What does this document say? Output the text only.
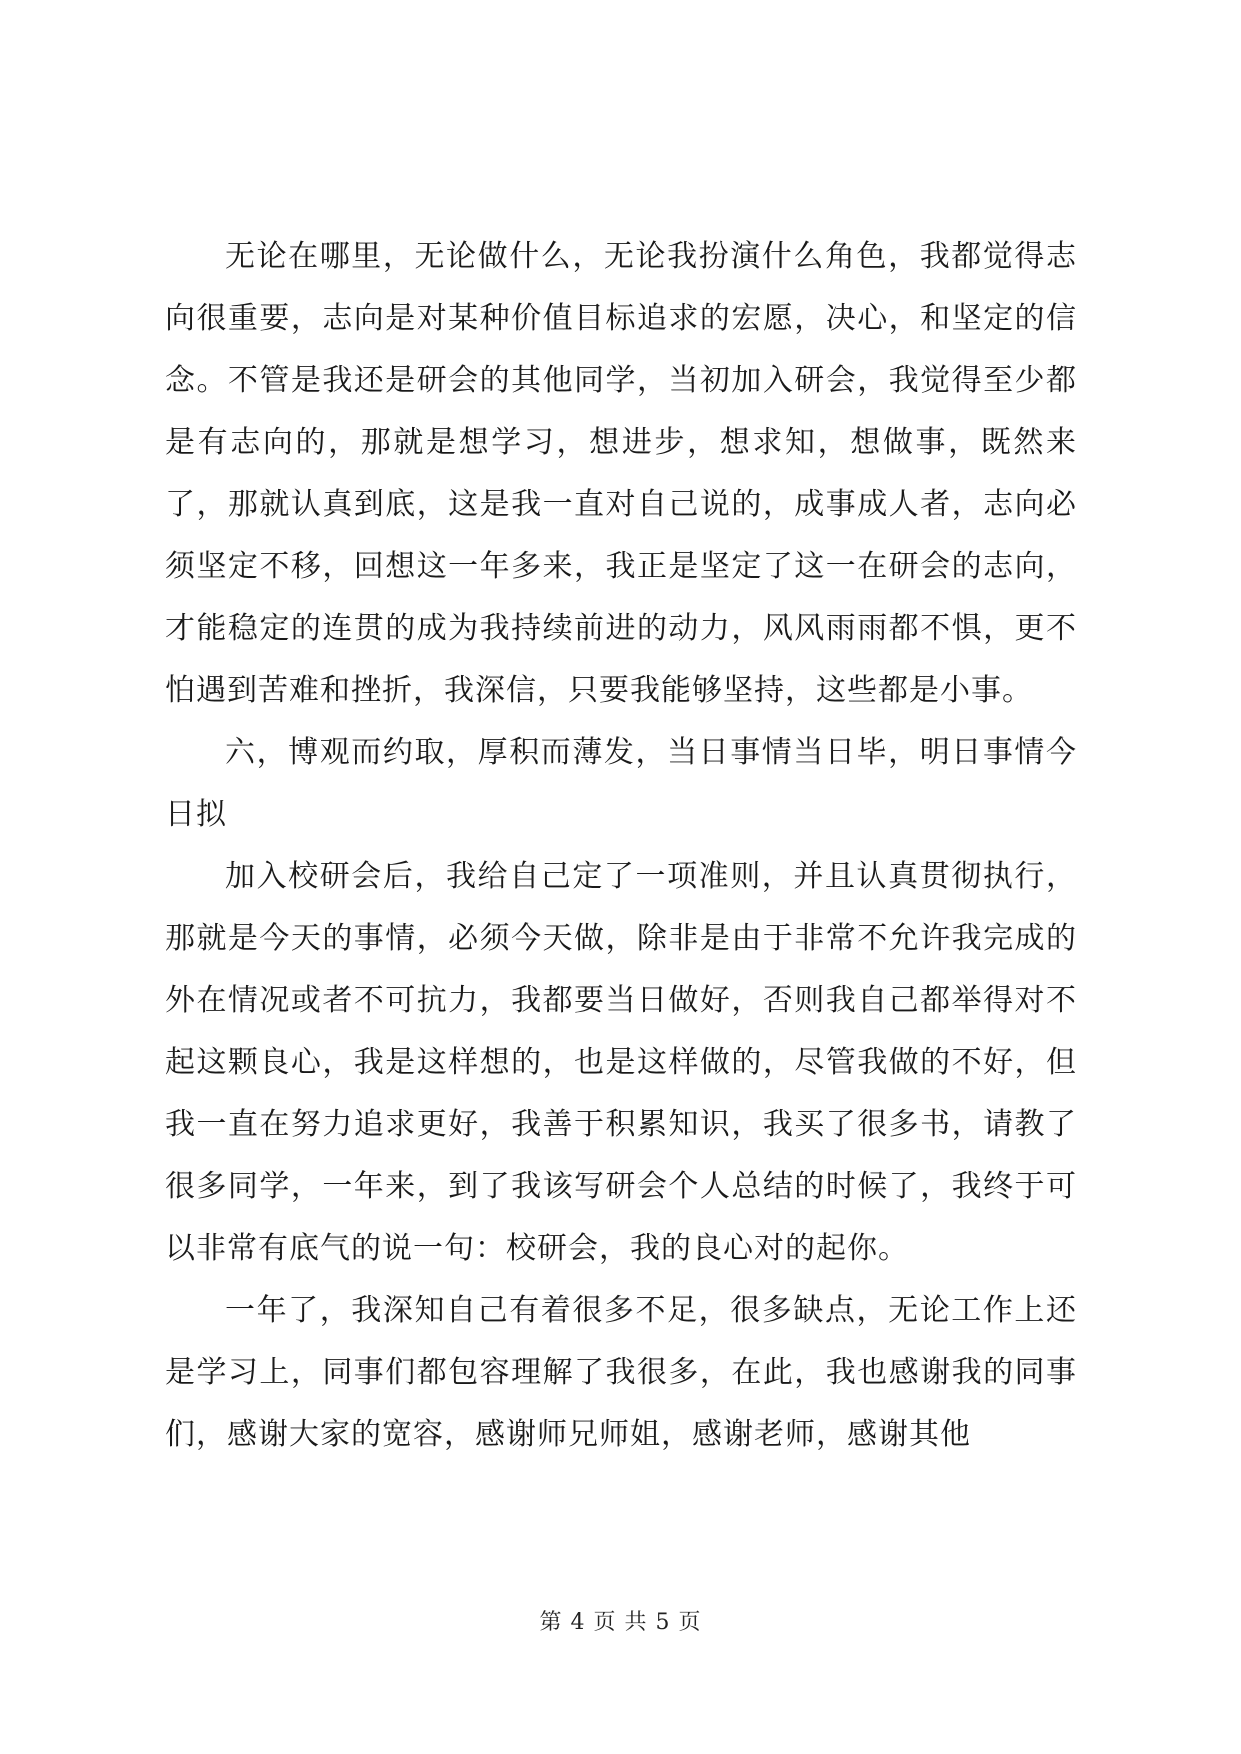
无论在哪里，无论做什么，无论我扮演什么角色，我都觉得志向很重要，志向是对某种价值目标追求的宏愿，决心，和坚定的信念。不管是我还是研会的其他同学，当初加入研会，我觉得至少都是有志向的，那就是想学习，想进步，想求知，想做事，既然来了，那就认真到底，这是我一直对自己说的，成事成人者，志向必须坚定不移，回想这一年多来，我正是坚定了这一在研会的志向，才能稳定的连贯的成为我持续前进的动力，风风雨雨都不惧，更不怕遇到苦难和挫折，我深信，只要我能够坚持，这些都是小事。

六，博观而约取，厚积而薄发，当日事情当日毕，明日事情今日拟

加入校研会后，我给自己定了一项准则，并且认真贯彻执行，那就是今天的事情，必须今天做，除非是由于非常不允许我完成的外在情况或者不可抗力，我都要当日做好，否则我自己都举得对不起这颗良心，我是这样想的，也是这样做的，尽管我做的不好，但我一直在努力追求更好，我善于积累知识，我买了很多书，请教了很多同学，一年来，到了我该写研会个人总结的时候了，我终于可以非常有底气的说一句：校研会，我的良心对的起你。

一年了，我深知自己有着很多不足，很多缺点，无论工作上还是学习上，同事们都包容理解了我很多，在此，我也感谢我的同事们，感谢大家的宽容，感谢师兄师姐，感谢老师，感谢其他

第 4 页 共 5 页
